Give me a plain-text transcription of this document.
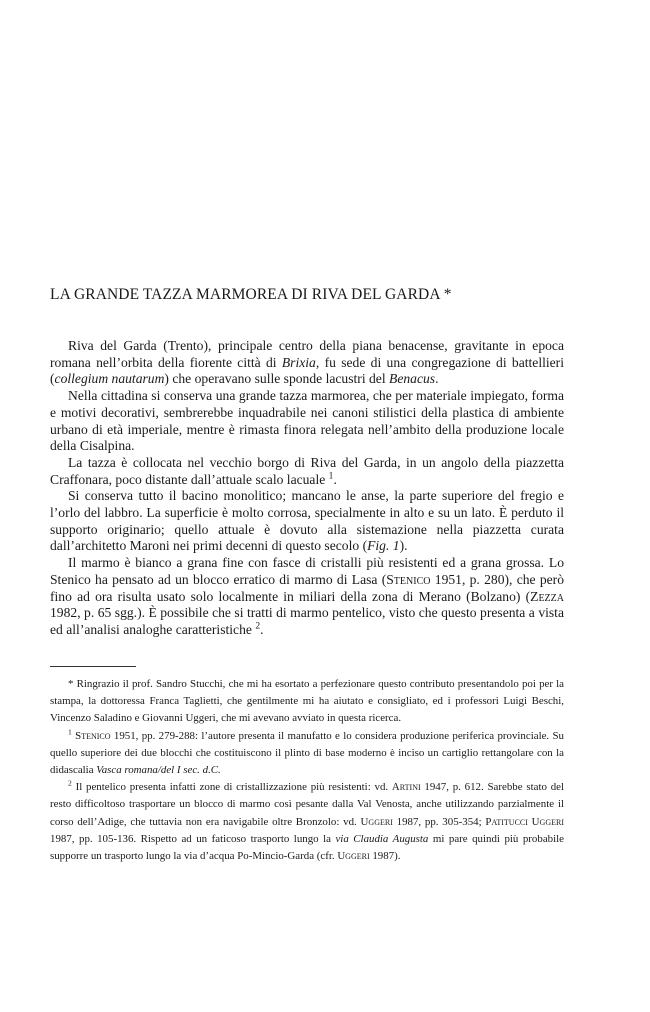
LA GRANDE TAZZA MARMOREA DI RIVA DEL GARDA *

Riva del Garda (Trento), principale centro della piana benacense, gravitante in epoca romana nell’orbita della fiorente città di Brixia, fu sede di una congregazione di battellieri (collegium nautarum) che operavano sulle sponde lacustri del Benacus.

Nella cittadina si conserva una grande tazza marmorea, che per materiale impiegato, forma e motivi decorativi, sembrerebbe inquadrabile nei canoni stilistici della plastica di ambiente urbano di età imperiale, mentre è rimasta finora relegata nell’ambito della produzione locale della Cisalpina.

La tazza è collocata nel vecchio borgo di Riva del Garda, in un angolo della piazzetta Craffonara, poco distante dall’attuale scalo lacuale $^1$.

Si conserva tutto il bacino monolitico; mancano le anse, la parte superiore del fregio e l’orlo del labbro. La superficie è molto corrosa, specialmente in alto e su un lato. È perduto il supporto originario; quello attuale è dovuto alla sistemazione nella piazzetta curata dall’architetto Maroni nei primi decenni di questo secolo (Fig. 1).

Il marmo è bianco a grana fine con fasce di cristalli più resistenti ed a grana grossa. Lo Stenico ha pensato ad un blocco erratico di marmo di Lasa (Stenico 1951, p. 280), che però fino ad ora risulta usato solo localmente in miliari della zona di Merano (Bolzano) (Zezza 1982, p. 65 sgg.). È possibile che si tratti di marmo pentelico, visto che questo presenta a vista ed all’analisi analoghe caratteristiche $^2$.

* Ringrazio il prof. Sandro Stucchi, che mi ha esortato a perfezionare questo contributo presentandolo poi per la stampa, la dottoressa Franca Taglietti, che gentilmente mi ha aiutato e consigliato, ed i professori Luigi Beschi, Vincenzo Saladino e Giovanni Uggeri, che mi avevano avviato in questa ricerca.

$^1$ Stenico 1951, pp. 279-288: l’autore presenta il manufatto e lo considera produzione periferica provinciale. Su quello superiore dei due blocchi che costituiscono il plinto di base moderno è inciso un cartiglio rettangolare con la didascalia Vasca romana/del I sec. d.C.

$^2$ Il pentelico presenta infatti zone di cristallizzazione più resistenti: vd. Artini 1947, p. 612. Sarebbe stato del resto difficoltoso trasportare un blocco di marmo così pesante dalla Val Venosta, anche utilizzando parzialmente il corso dell’Adige, che tuttavia non era navigabile oltre Bronzolo: vd. Uggeri 1987, pp. 305-354; Patitucci Uggeri 1987, pp. 105-136. Rispetto ad un faticoso trasporto lungo la via Claudia Augusta mi pare quindi più probabile supporre un trasporto lungo la via d’acqua Po-Mincio-Garda (cfr. Uggeri 1987).
